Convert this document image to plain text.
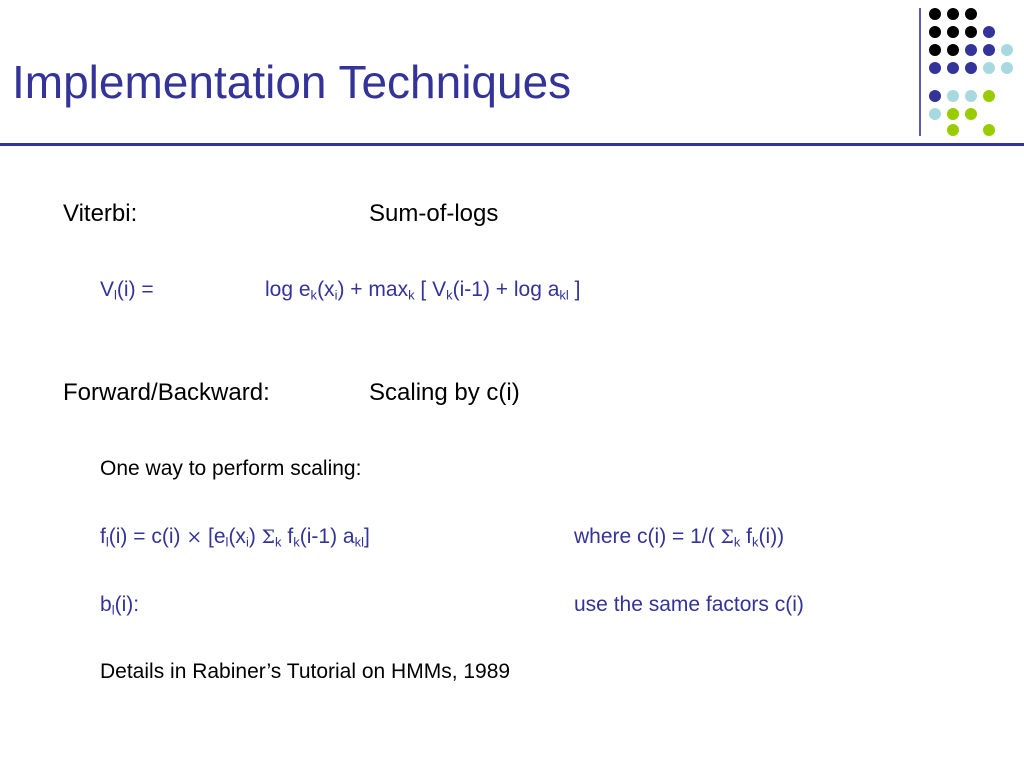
Implementation Techniques
Viterbi:	Sum-of-logs
$V_l(i)$ =	$\log e_k(x_i) + \max_k$ [ $V_k(i-1) + \log a_{kl}$ ]
Forward/Backward:	Scaling by c(i)
One way to perform scaling:
$f_l(i) = c(i) \times [e_l(x_i)$ $\Sigma_k$ $f_k(i-1)$ $a_{kl}$]	where c(i) = 1/( $\Sigma_k$ $f_k(i)$)
$b_l(i)$:	use the same factors c(i)
Details in Rabiner’s Tutorial on HMMs, 1989
